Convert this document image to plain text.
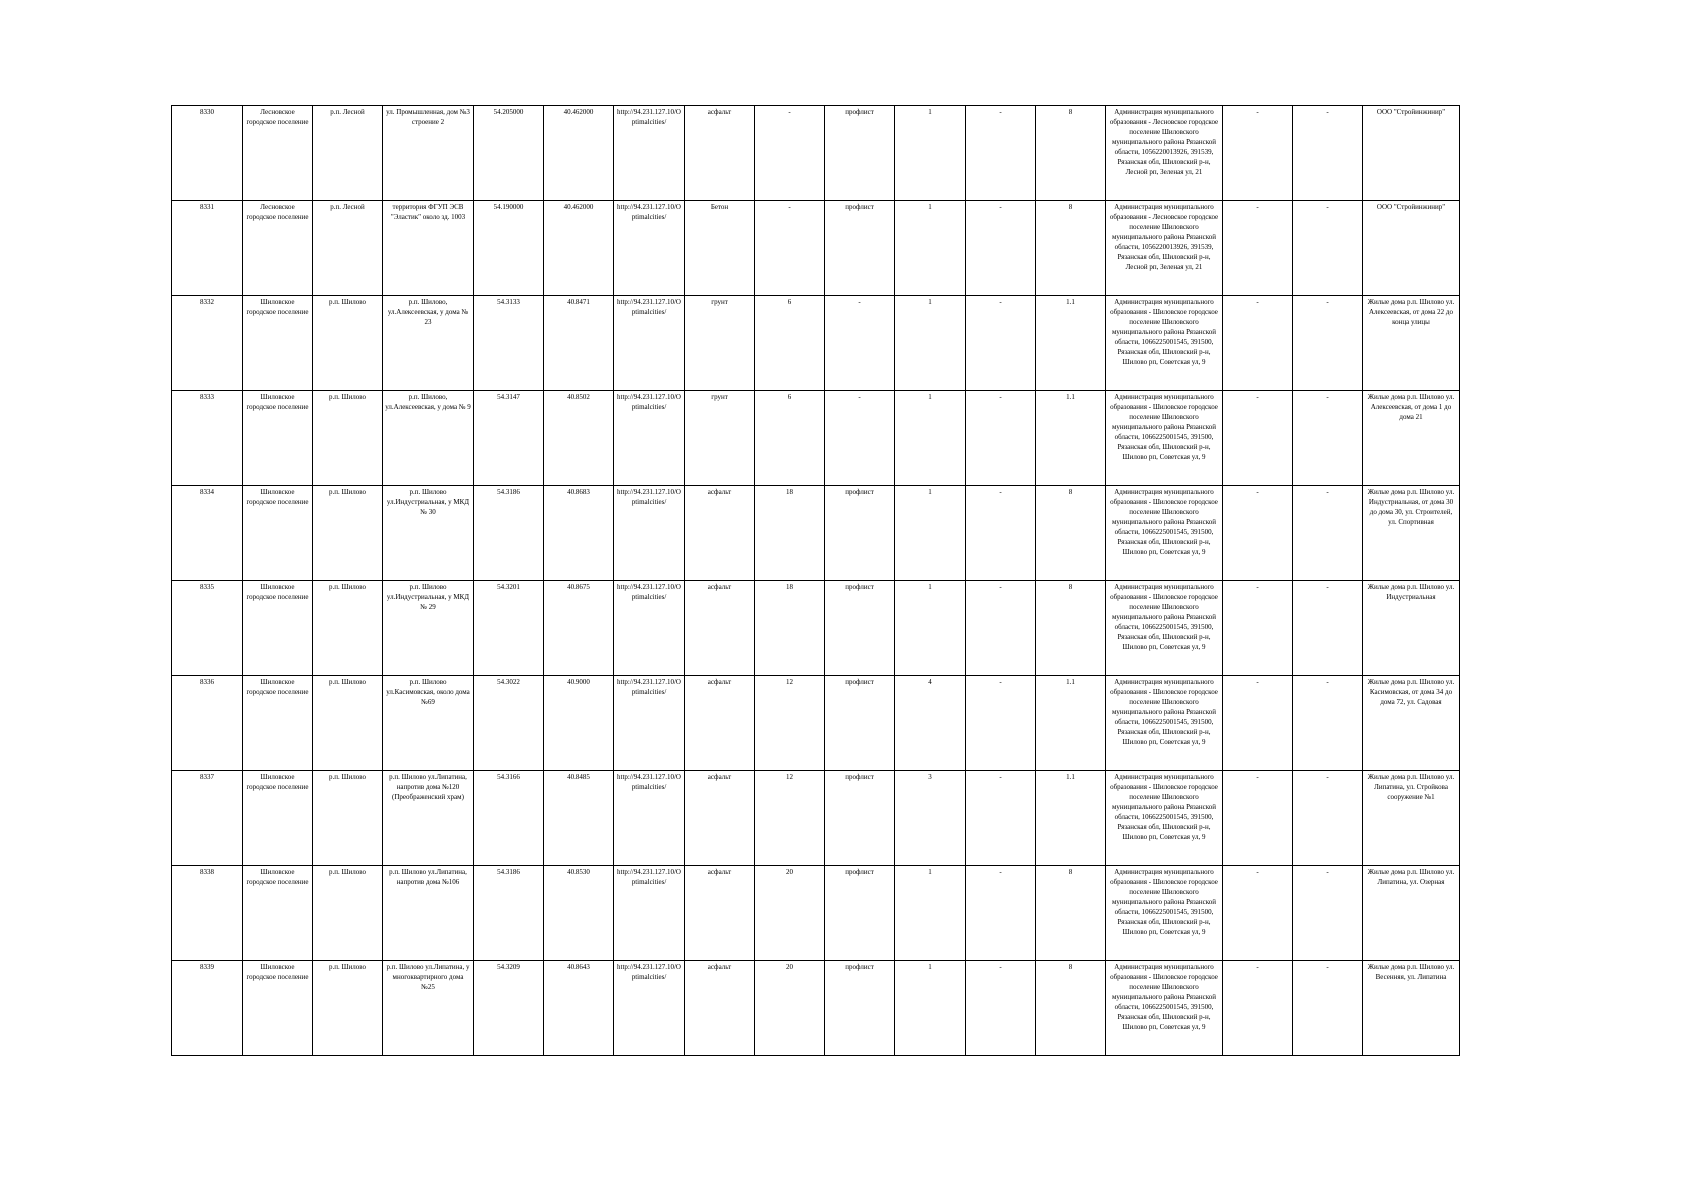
8330	Лесновское городское поселение	р.п. Лесной	ул. Промышленная, дом №3 строение 2	54.205000	40.462000	http://94.231.127.10/Optimalcities/	асфальт	-	профлист	1	-	8	Администрация муниципального образования - Лесновское городское поселение Шиловского муниципального района Рязанской области, 1056220013926, 391539, Рязанская обл, Шиловский р-н, Лесной рп, Зеленая ул, 21	-	-	ООО "Стройинжинир"
8331	Лесновское городское поселение	р.п. Лесной	территория ФГУП ЭСВ "Эластик" около зд. 1003	54.190000	40.462000	http://94.231.127.10/Optimalcities/	Бетон	-	профлист	1	-	8	Администрация муниципального образования - Лесновское городское поселение Шиловского муниципального района Рязанской области, 1056220013926, 391539, Рязанская обл, Шиловский р-н, Лесной рп, Зеленая ул, 21	-	-	ООО "Стройинжинир"
8332	Шиловское городское поселение	р.п. Шилово	р.п. Шилово, ул.Алексеевская, у дома № 23	54.3133	40.8471	http://94.231.127.10/Optimalcities/	грунт	6	-	1	-	1.1	Администрация муниципального образования - Шиловское городское поселение Шиловского муниципального района Рязанской области, 1066225001545, 391500, Рязанская обл, Шиловский р-н, Шилово рп, Советская ул, 9	-	-	Жилые дома р.п. Шилово ул. Алексеевская, от дома 22 до конца улицы
8333	Шиловское городское поселение	р.п. Шилово	р.п. Шилово, ул.Алексеевская, у дома № 9	54.3147	40.8502	http://94.231.127.10/Optimalcities/	грунт	6	-	1	-	1.1	Администрация муниципального образования - Шиловское городское поселение Шиловского муниципального района Рязанской области, 1066225001545, 391500, Рязанская обл, Шиловский р-н, Шилово рп, Советская ул, 9	-	-	Жилые дома р.п. Шилово ул. Алексеевская, от дома 1 до дома 21
8334	Шиловское городское поселение	р.п. Шилово	р.п. Шилово ул.Индустриальная, у МКД № 30	54.3186	40.8683	http://94.231.127.10/Optimalcities/	асфальт	18	профлист	1	-	8	Администрация муниципального образования - Шиловское городское поселение Шиловского муниципального района Рязанской области, 1066225001545, 391500, Рязанская обл, Шиловский р-н, Шилово рп, Советская ул, 9	-	-	Жилые дома р.п. Шилово ул. Индустриальная, от дома 30 до дома 30, ул. Строителей, ул. Спортивная
8335	Шиловское городское поселение	р.п. Шилово	р.п. Шилово ул.Индустриальная, у МКД № 29	54.3201	40.8675	http://94.231.127.10/Optimalcities/	асфальт	18	профлист	1	-	8	Администрация муниципального образования - Шиловское городское поселение Шиловского муниципального района Рязанской области, 1066225001545, 391500, Рязанская обл, Шиловский р-н, Шилово рп, Советская ул, 9	-	-	Жилые дома р.п. Шилово ул. Индустриальная
8336	Шиловское городское поселение	р.п. Шилово	р.п. Шилово ул.Касимовская, около дома №69	54.3022	40.9000	http://94.231.127.10/Optimalcities/	асфальт	12	профлист	4	-	1.1	Администрация муниципального образования - Шиловское городское поселение Шиловского муниципального района Рязанской области, 1066225001545, 391500, Рязанская обл, Шиловский р-н, Шилово рп, Советская ул, 9	-	-	Жилые дома р.п. Шилово ул. Касимовская, от дома 34 до дома 72, ул. Садовая
8337	Шиловское городское поселение	р.п. Шилово	р.п. Шилово ул.Липатина, напротив дома №120 (Преображенский храм)	54.3166	40.8485	http://94.231.127.10/Optimalcities/	асфальт	12	профлист	3	-	1.1	Администрация муниципального образования - Шиловское городское поселение Шиловского муниципального района Рязанской области, 1066225001545, 391500, Рязанская обл, Шиловский р-н, Шилово рп, Советская ул, 9	-	-	Жилые дома р.п. Шилово ул. Липатина, ул. Стройкова сооружение №1
8338	Шиловское городское поселение	р.п. Шилово	р.п. Шилово ул.Липатина, напротив дома №106	54.3186	40.8530	http://94.231.127.10/Optimalcities/	асфальт	20	профлист	1	-	8	Администрация муниципального образования - Шиловское городское поселение Шиловского муниципального района Рязанской области, 1066225001545, 391500, Рязанская обл, Шиловский р-н, Шилово рп, Советская ул, 9	-	-	Жилые дома р.п. Шилово ул. Липатина, ул. Озерная
8339	Шиловское городское поселение	р.п. Шилово	р.п. Шилово ул.Липатина, у многоквартирного дома №25	54.3209	40.8643	http://94.231.127.10/Optimalcities/	асфальт	20	профлист	1	-	8	Администрация муниципального образования - Шиловское городское поселение Шиловского муниципального района Рязанской области, 1066225001545, 391500, Рязанская обл, Шиловский р-н, Шилово рп, Советская ул, 9	-	-	Жилые дома р.п. Шилово ул. Весенняя, ул. Липатина
